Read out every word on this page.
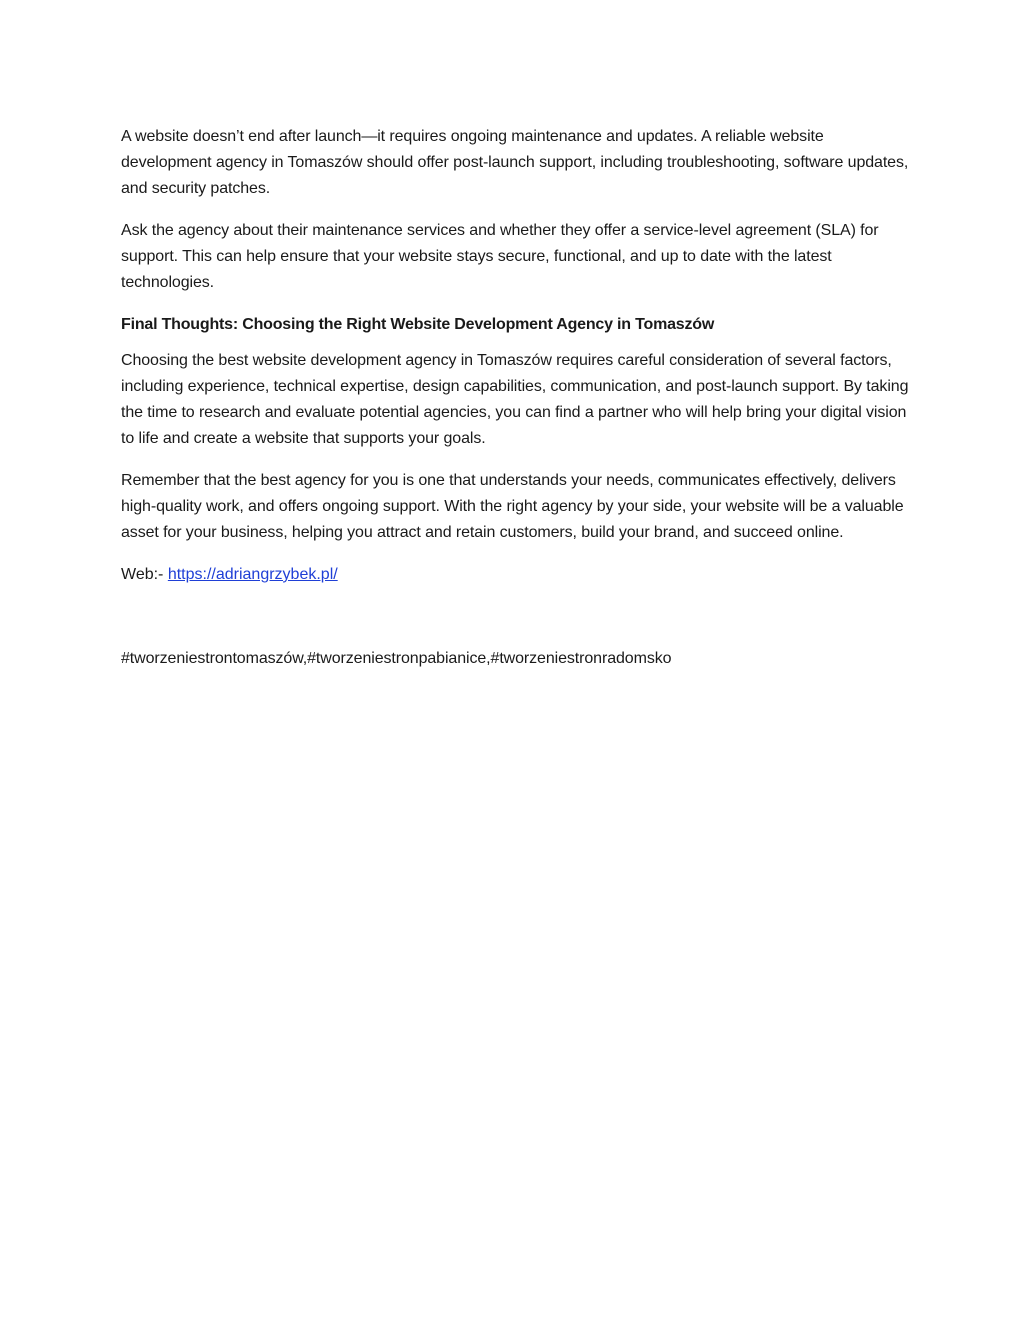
A website doesn’t end after launch—it requires ongoing maintenance and updates. A reliable website development agency in Tomaszów should offer post-launch support, including troubleshooting, software updates, and security patches.

Ask the agency about their maintenance services and whether they offer a service-level agreement (SLA) for support. This can help ensure that your website stays secure, functional, and up to date with the latest technologies.

Final Thoughts: Choosing the Right Website Development Agency in Tomaszów

Choosing the best website development agency in Tomaszów requires careful consideration of several factors, including experience, technical expertise, design capabilities, communication, and post-launch support. By taking the time to research and evaluate potential agencies, you can find a partner who will help bring your digital vision to life and create a website that supports your goals.

Remember that the best agency for you is one that understands your needs, communicates effectively, delivers high-quality work, and offers ongoing support. With the right agency by your side, your website will be a valuable asset for your business, helping you attract and retain customers, build your brand, and succeed online.

Web:- https://adriangrzybek.pl/

#tworzeniestrontomaszów,#tworzeniestronpabianice,#tworzeniestronradomsko
